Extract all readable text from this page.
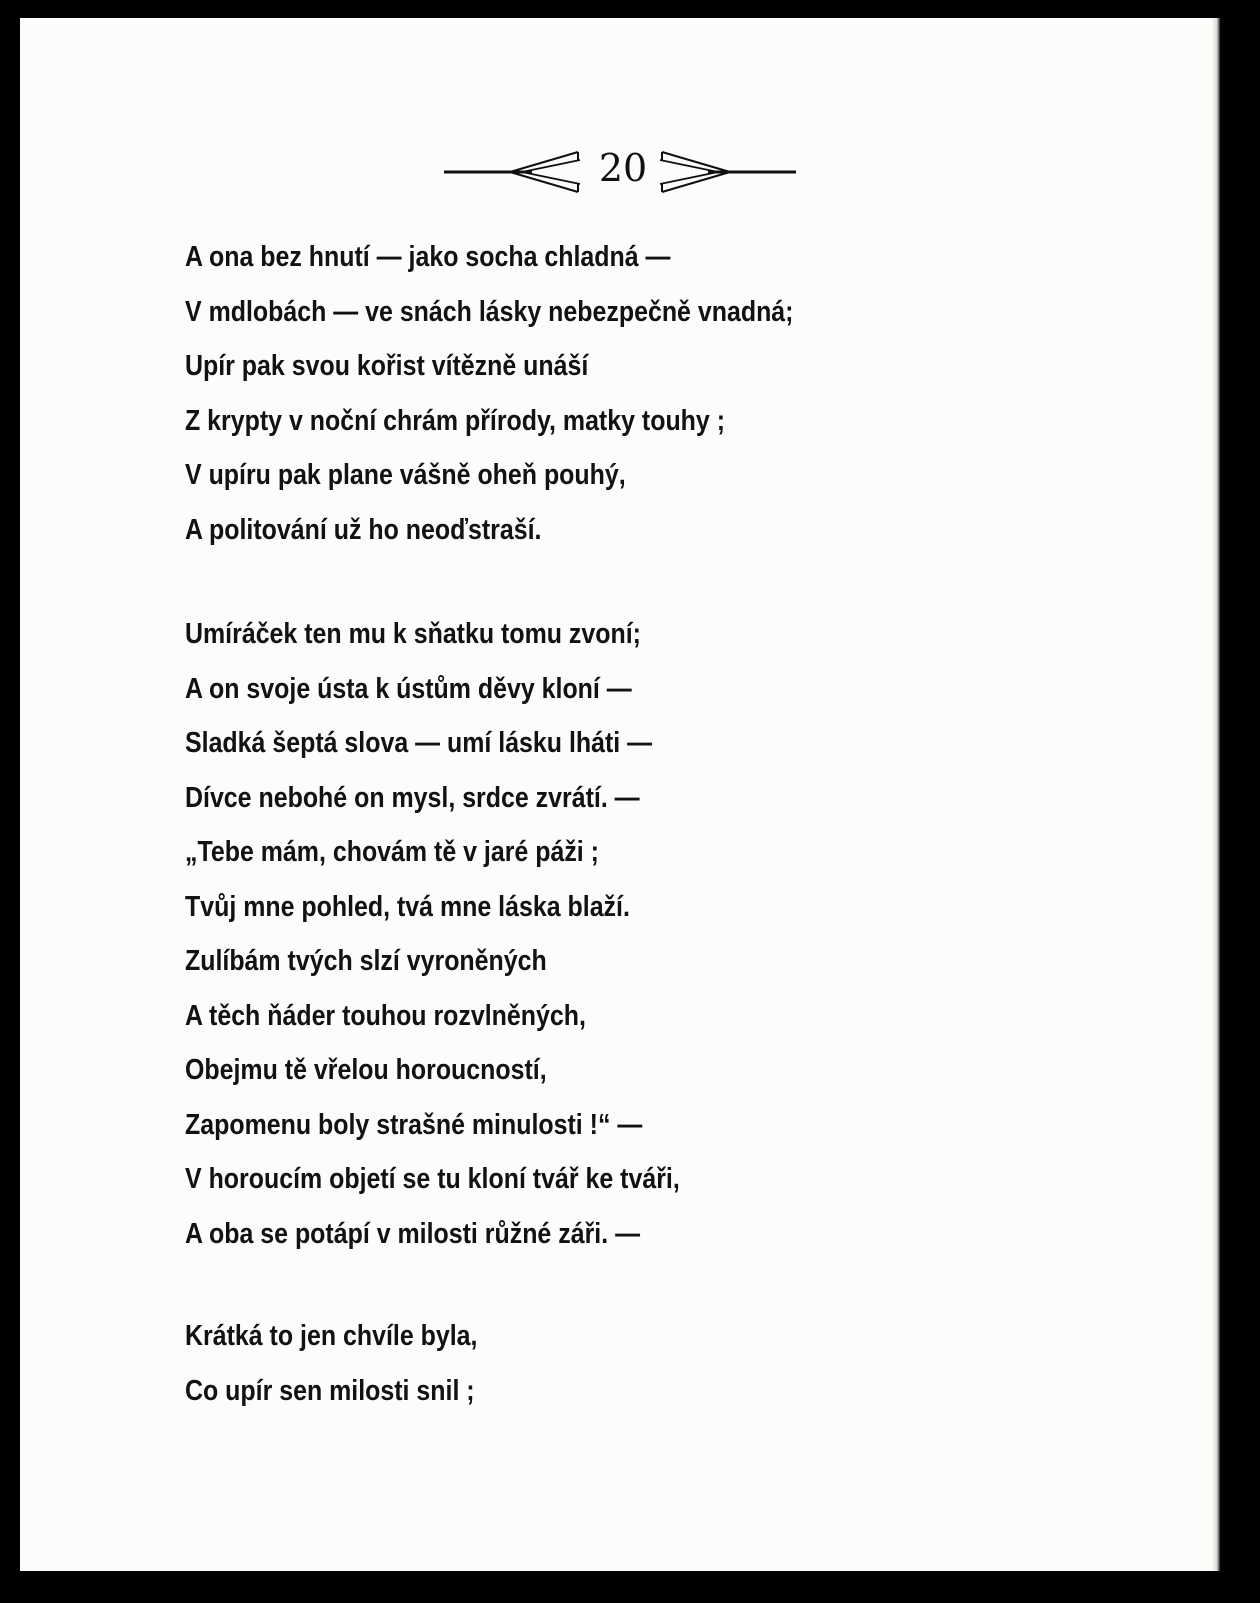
20
A ona bez hnutí — jako socha chladná —
V mdlobách — ve snách lásky nebezpečně vnadná;
Upír pak svou kořist vítězně unáší
Z krypty v noční chrám přírody, matky touhy ;
V upíru pak plane vášně oheň pouhý,
A politování už ho neoďstraší.
Umíráček ten mu k sňatku tomu zvoní;
A on svoje ústa k ústům děvy kloní —
Sladká šeptá slova — umí lásku lháti —
Dívce nebohé on mysl, srdce zvrátí. —
„Tebe mám, chovám tě v jaré páži ;
Tvůj mne pohled, tvá mne láska blaží.
Zulíbám tvých slzí vyroněných
A těch ňáder touhou rozvlněných,
Obejmu tě vřelou horoucností,
Zapomenu boly strašné minulosti !“ —
V horoucím objetí se tu kloní tvář ke tváři,
A oba se potápí v milosti růžné záři. —
Krátká to jen chvíle byla,
Co upír sen milosti snil ;
